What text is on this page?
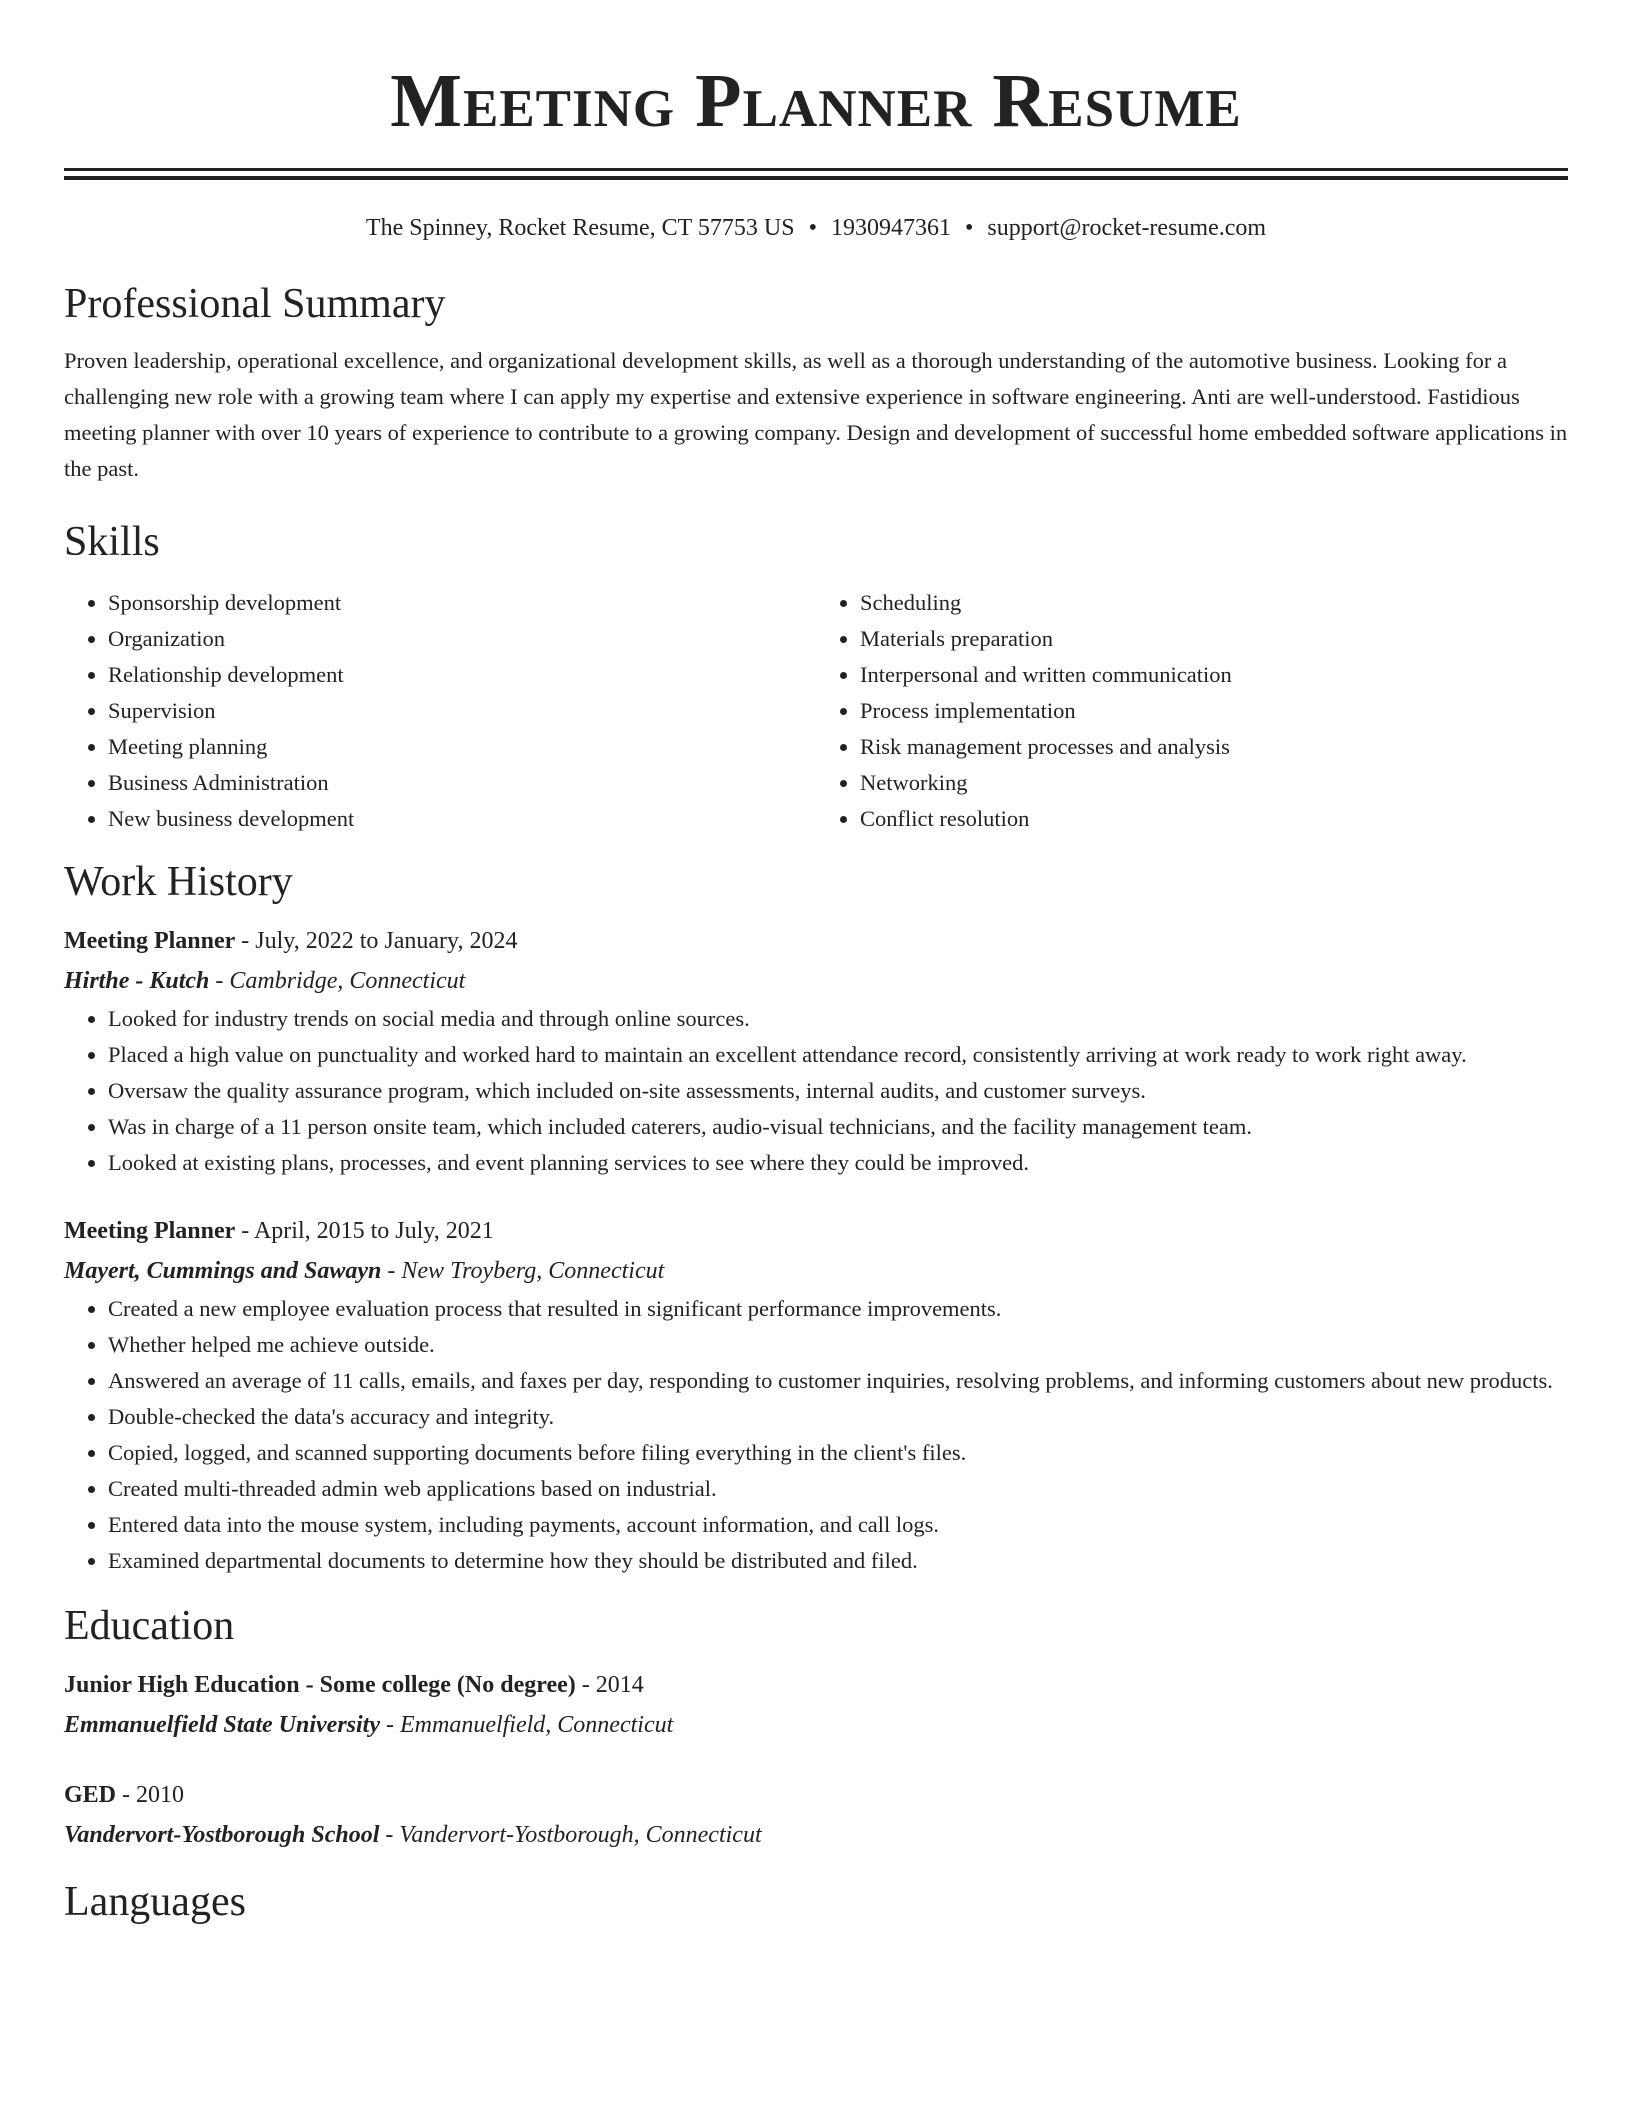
Meeting Planner Resume
The Spinney, Rocket Resume, CT 57753 US • 1930947361 • support@rocket-resume.com
Professional Summary
Proven leadership, operational excellence, and organizational development skills, as well as a thorough understanding of the automotive business. Looking for a challenging new role with a growing team where I can apply my expertise and extensive experience in software engineering. Anti are well-understood. Fastidious meeting planner with over 10 years of experience to contribute to a growing company. Design and development of successful home embedded software applications in the past.
Skills
• Sponsorship development
• Organization
• Relationship development
• Supervision
• Meeting planning
• Business Administration
• New business development
• Scheduling
• Materials preparation
• Interpersonal and written communication
• Process implementation
• Risk management processes and analysis
• Networking
• Conflict resolution
Work History
Meeting Planner - July, 2022 to January, 2024
Hirthe - Kutch - Cambridge, Connecticut
• Looked for industry trends on social media and through online sources.
• Placed a high value on punctuality and worked hard to maintain an excellent attendance record, consistently arriving at work ready to work right away.
• Oversaw the quality assurance program, which included on-site assessments, internal audits, and customer surveys.
• Was in charge of a 11 person onsite team, which included caterers, audio-visual technicians, and the facility management team.
• Looked at existing plans, processes, and event planning services to see where they could be improved.
Meeting Planner - April, 2015 to July, 2021
Mayert, Cummings and Sawayn - New Troyberg, Connecticut
• Created a new employee evaluation process that resulted in significant performance improvements.
• Whether helped me achieve outside.
• Answered an average of 11 calls, emails, and faxes per day, responding to customer inquiries, resolving problems, and informing customers about new products.
• Double-checked the data's accuracy and integrity.
• Copied, logged, and scanned supporting documents before filing everything in the client's files.
• Created multi-threaded admin web applications based on industrial.
• Entered data into the mouse system, including payments, account information, and call logs.
• Examined departmental documents to determine how they should be distributed and filed.
Education
Junior High Education - Some college (No degree) - 2014
Emmanuelfield State University - Emmanuelfield, Connecticut
GED - 2010
Vandervort-Yostborough School - Vandervort-Yostborough, Connecticut
Languages
